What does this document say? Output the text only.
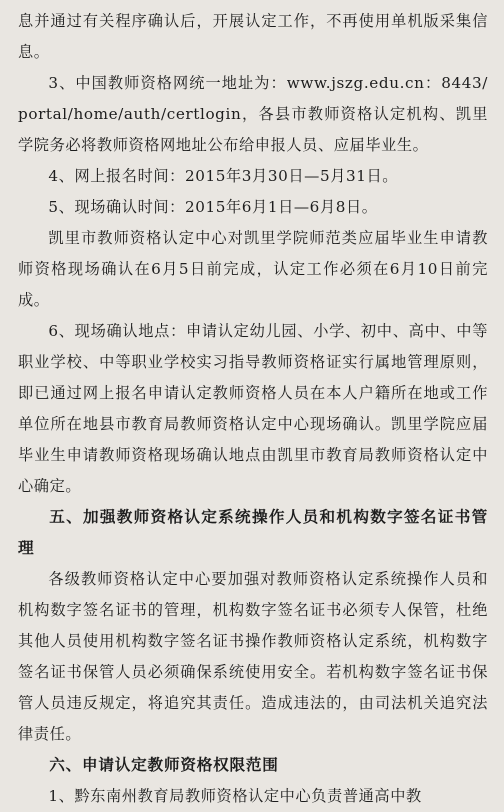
息并通过有关程序确认后，开展认定工作，不再使用单机版采集信息。

3、中国教师资格网统一地址为：www.jszg.edu.cn：8443/portal/home/auth/certlogin，各县市教师资格认定机构、凯里学院务必将教师资格网地址公布给申报人员、应届毕业生。

4、网上报名时间：2015年3月30日—5月31日。

5、现场确认时间：2015年6月1日—6月8日。

凯里市教师资格认定中心对凯里学院师范类应届毕业生申请教师资格现场确认在6月5日前完成，认定工作必须在6月10日前完成。

6、现场确认地点：申请认定幼儿园、小学、初中、高中、中等职业学校、中等职业学校实习指导教师资格证实行属地管理原则，即已通过网上报名申请认定教师资格人员在本人户籍所在地或工作单位所在地县市教育局教师资格认定中心现场确认。凯里学院应届毕业生申请教师资格现场确认地点由凯里市教育局教师资格认定中心确定。

五、加强教师资格认定系统操作人员和机构数字签名证书管理

各级教师资格认定中心要加强对教师资格认定系统操作人员和机构数字签名证书的管理，机构数字签名证书必须专人保管，杜绝其他人员使用机构数字签名证书操作教师资格认定系统，机构数字签名证书保管人员必须确保系统使用安全。若机构数字签名证书保管人员违反规定，将追究其责任。造成违法的，由司法机关追究法律责任。

六、申请认定教师资格权限范围

1、黔东南州教育局教师资格认定中心负责普通高中教
